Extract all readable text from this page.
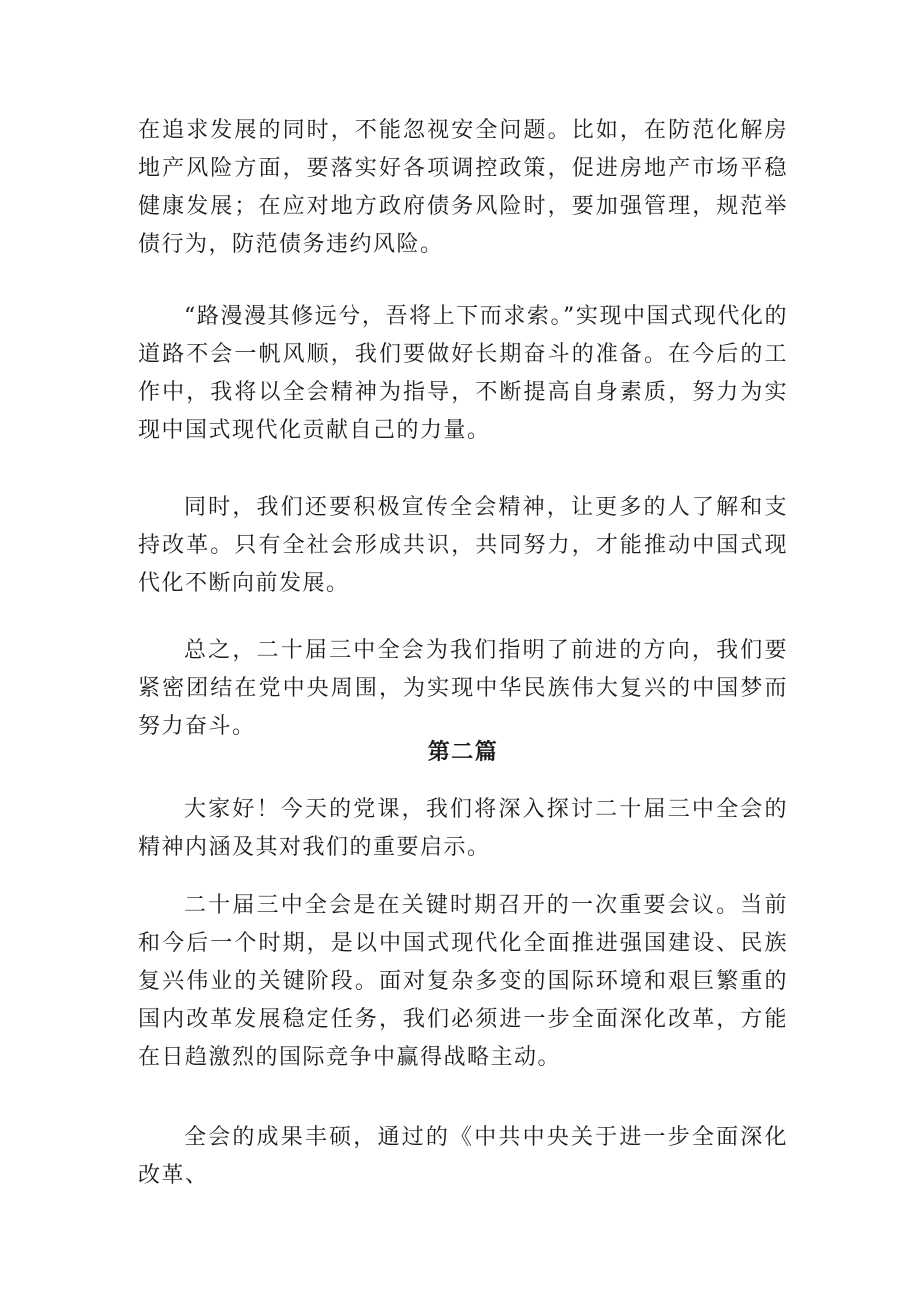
在追求发展的同时，不能忽视安全问题。比如，在防范化解房地产风险方面，要落实好各项调控政策，促进房地产市场平稳健康发展；在应对地方政府债务风险时，要加强管理，规范举债行为，防范债务违约风险。

“路漫漫其修远兮，吾将上下而求索。”实现中国式现代化的道路不会一帆风顺，我们要做好长期奋斗的准备。在今后的工作中，我将以全会精神为指导，不断提高自身素质，努力为实现中国式现代化贡献自己的力量。

同时，我们还要积极宣传全会精神，让更多的人了解和支持改革。只有全社会形成共识，共同努力，才能推动中国式现代化不断向前发展。

总之，二十届三中全会为我们指明了前进的方向，我们要紧密团结在党中央周围，为实现中华民族伟大复兴的中国梦而努力奋斗。

第二篇

大家好！今天的党课，我们将深入探讨二十届三中全会的精神内涵及其对我们的重要启示。

二十届三中全会是在关键时期召开的一次重要会议。当前和今后一个时期，是以中国式现代化全面推进强国建设、民族复兴伟业的关键阶段。面对复杂多变的国际环境和艰巨繁重的国内改革发展稳定任务，我们必须进一步全面深化改革，方能在日趋激烈的国际竞争中赢得战略主动。

全会的成果丰硕，通过的《中共中央关于进一步全面深化改革、
